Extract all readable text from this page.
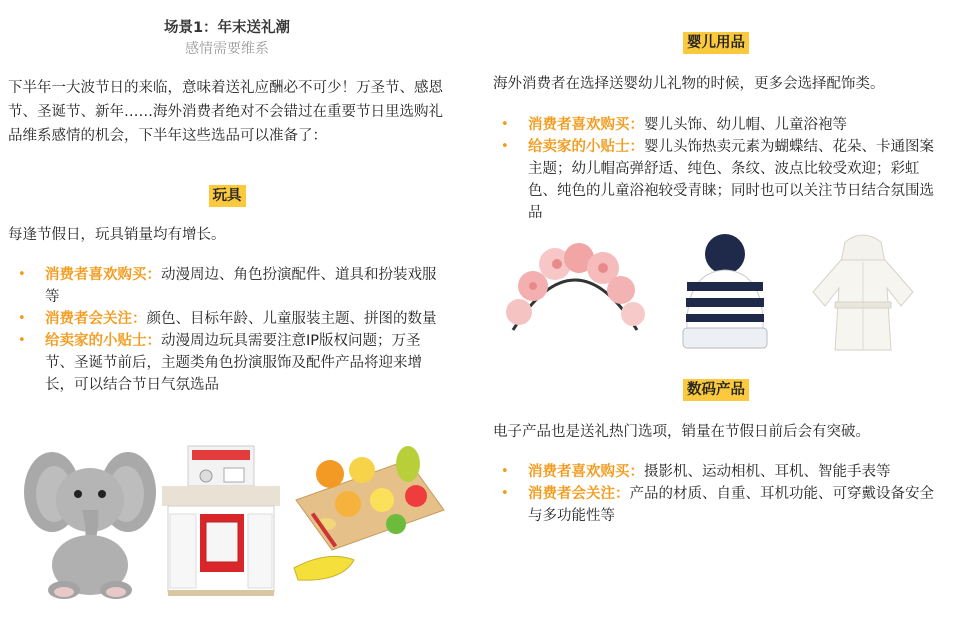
场景1：年末送礼潮
感情需要维系
下半年一大波节日的来临，意味着送礼应酬必不可少！万圣节、感恩节、圣诞节、新年……海外消费者绝对不会错过在重要节日里选购礼品维系感情的机会，下半年这些选品可以准备了：
玩具
每逢节假日，玩具销量均有增长。
• 消费者喜欢购买：动漫周边、角色扮演配件、道具和扮装戏服等
• 消费者会关注：颜色、目标年龄、儿童服装主题、拼图的数量
• 给卖家的小贴士：动漫周边玩具需要注意IP版权问题；万圣节、圣诞节前后，主题类角色扮演服饰及配件产品将迎来增长，可以结合节日气氛选品
婴儿用品
海外消费者在选择送婴幼儿礼物的时候，更多会选择配饰类。
• 消费者喜欢购买：婴儿头饰、幼儿帽、儿童浴袍等
• 给卖家的小贴士：婴儿头饰热卖元素为蝴蝶结、花朵、卡通图案主题；幼儿帽高弹舒适、纯色、条纹、波点比较受欢迎；彩虹色、纯色的儿童浴袍较受青睐；同时也可以关注节日结合氛围选品
数码产品
电子产品也是送礼热门选项，销量在节假日前后会有突破。
• 消费者喜欢购买：摄影机、运动相机、耳机、智能手表等
• 消费者会关注：产品的材质、自重、耳机功能、可穿戴设备安全与多功能性等
